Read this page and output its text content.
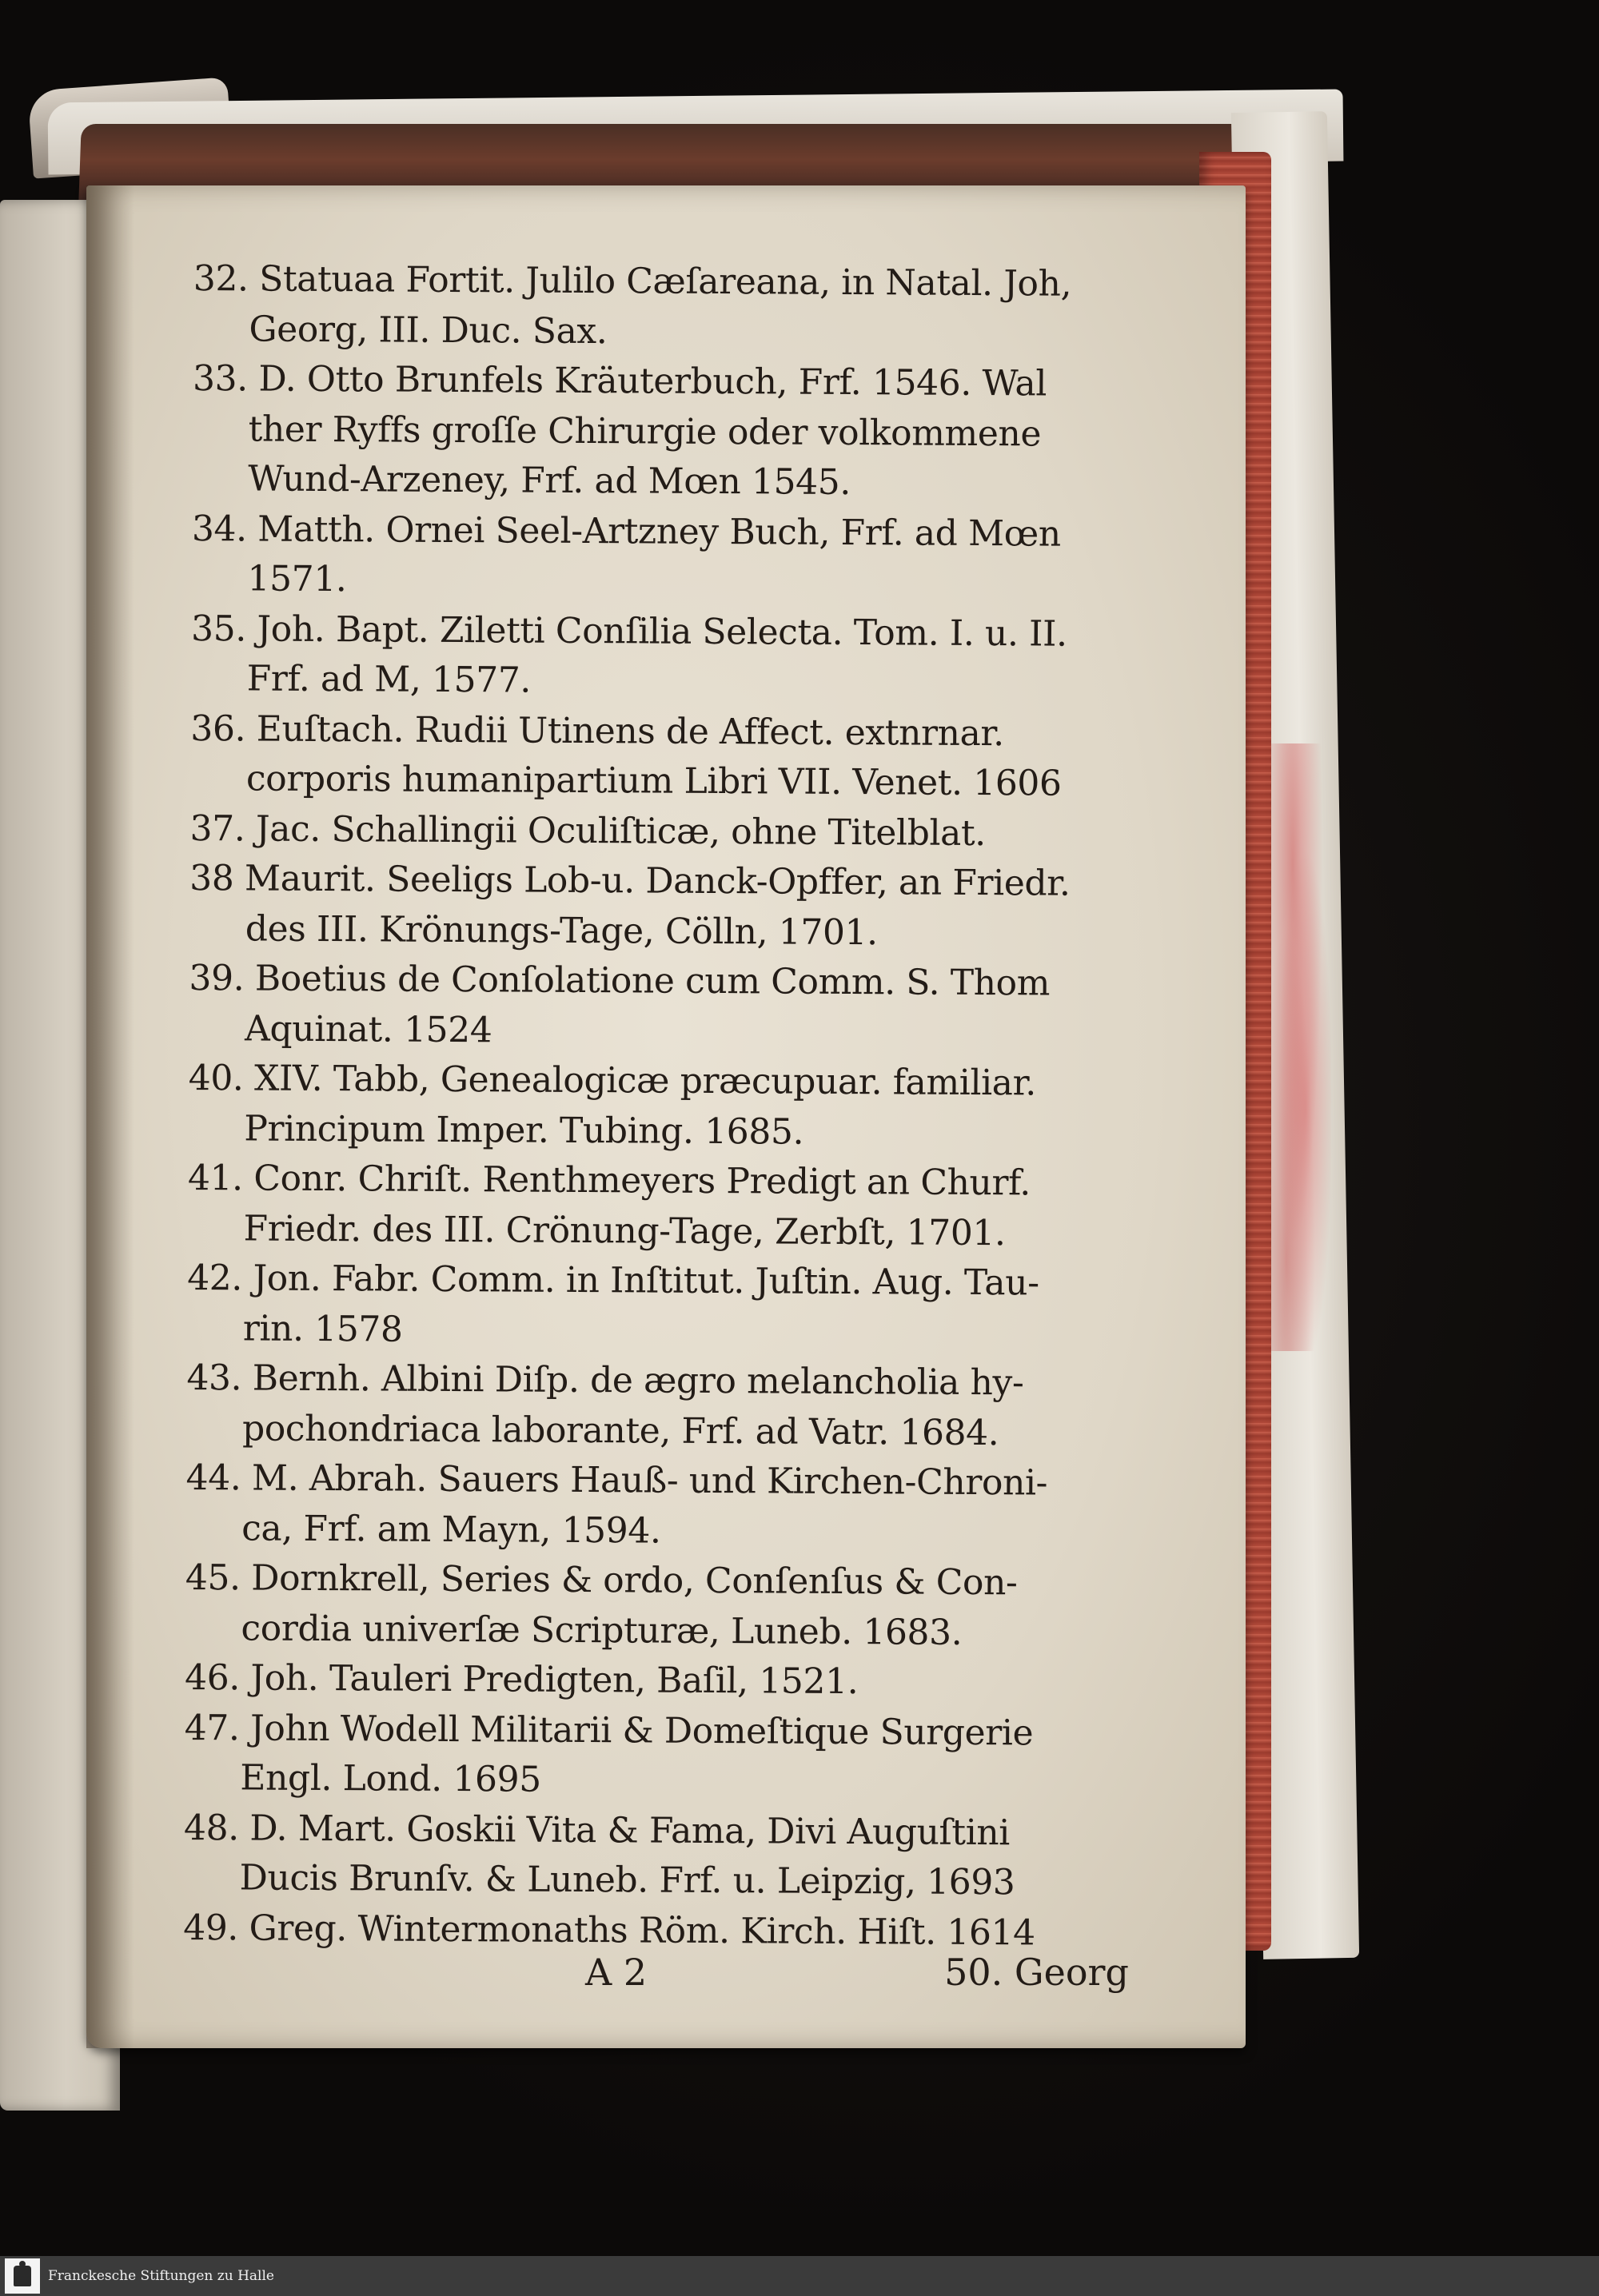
32. Statuaa Fortit. Julilo Cæſareana, in Natal. Joh,
Georg, III. Duc. Sax.
33. D. Otto Brunfels Kräuterbuch, Frf. 1546. Wal
ther Ryffs groſſe Chirurgie oder volkommene
Wund-Arzeney, Frf. ad Mœn 1545.
34. Matth. Ornei Seel-Artzney Buch, Frf. ad Mœn
1571.
35. Joh. Bapt. Ziletti Conſilia Selecta. Tom. I. u. II.
Frf. ad M, 1577.
36. Euſtach. Rudii Utinens de Affect. extnrnar.
corporis humanipartium Libri VII. Venet. 1606
37. Jac. Schallingii Oculiſticæ, ohne Titelblat.
38 Maurit. Seeligs Lob-u. Danck-Opffer, an Friedr.
des III. Krönungs-Tage, Cölln, 1701.
39. Boetius de Conſolatione cum Comm. S. Thom
Aquinat. 1524
40. XIV. Tabb, Genealogicæ præcupuar. familiar.
Principum Imper. Tubing. 1685.
41. Conr. Chriſt. Renthmeyers Predigt an Churf.
Friedr. des III. Crönung-Tage, Zerbſt, 1701.
42. Jon. Fabr. Comm. in Inſtitut. Juſtin. Aug. Tau-
rin. 1578
43. Bernh. Albini Diſp. de ægro melancholia hy-
pochondriaca laborante, Frf. ad Vatr. 1684.
44. M. Abrah. Sauers Hauß- und Kirchen-Chroni-
ca, Frf. am Mayn, 1594.
45. Dornkrell, Series & ordo, Conſenſus & Con-
cordia univerſæ Scripturæ, Luneb. 1683.
46. Joh. Tauleri Predigten, Baſil, 1521.
47. John Wodell Militarii & Domeſtique Surgerie
Engl. Lond. 1695
48. D. Mart. Goskii Vita & Fama, Divi Auguſtini
Ducis Brunſv. & Luneb. Frf. u. Leipzig, 1693
49. Greg. Wintermonaths Röm. Kirch. Hiſt. 1614
A 2	50. Georg
Franckesche Stiftungen zu Halle
